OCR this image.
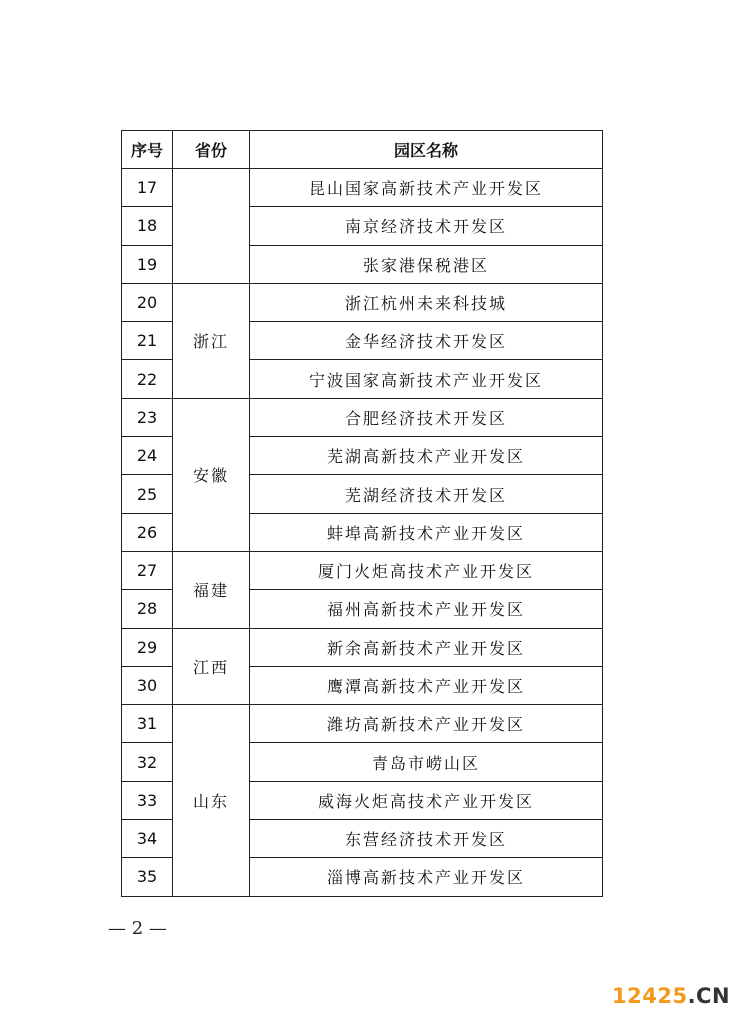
序号	省份	园区名称
17		昆山国家高新技术产业开发区
18		南京经济技术开发区
19		张家港保税港区
20	浙江	浙江杭州未来科技城
21		金华经济技术开发区
22		宁波国家高新技术产业开发区
23	安徽	合肥经济技术开发区
24		芜湖高新技术产业开发区
25		芜湖经济技术开发区
26		蚌埠高新技术产业开发区
27	福建	厦门火炬高技术产业开发区
28		福州高新技术产业开发区
29	江西	新余高新技术产业开发区
30		鹰潭高新技术产业开发区
31	山东	潍坊高新技术产业开发区
32		青岛市崂山区
33		威海火炬高技术产业开发区
34		东营经济技术开发区
35		淄博高新技术产业开发区
— 2 —
12425.CN
